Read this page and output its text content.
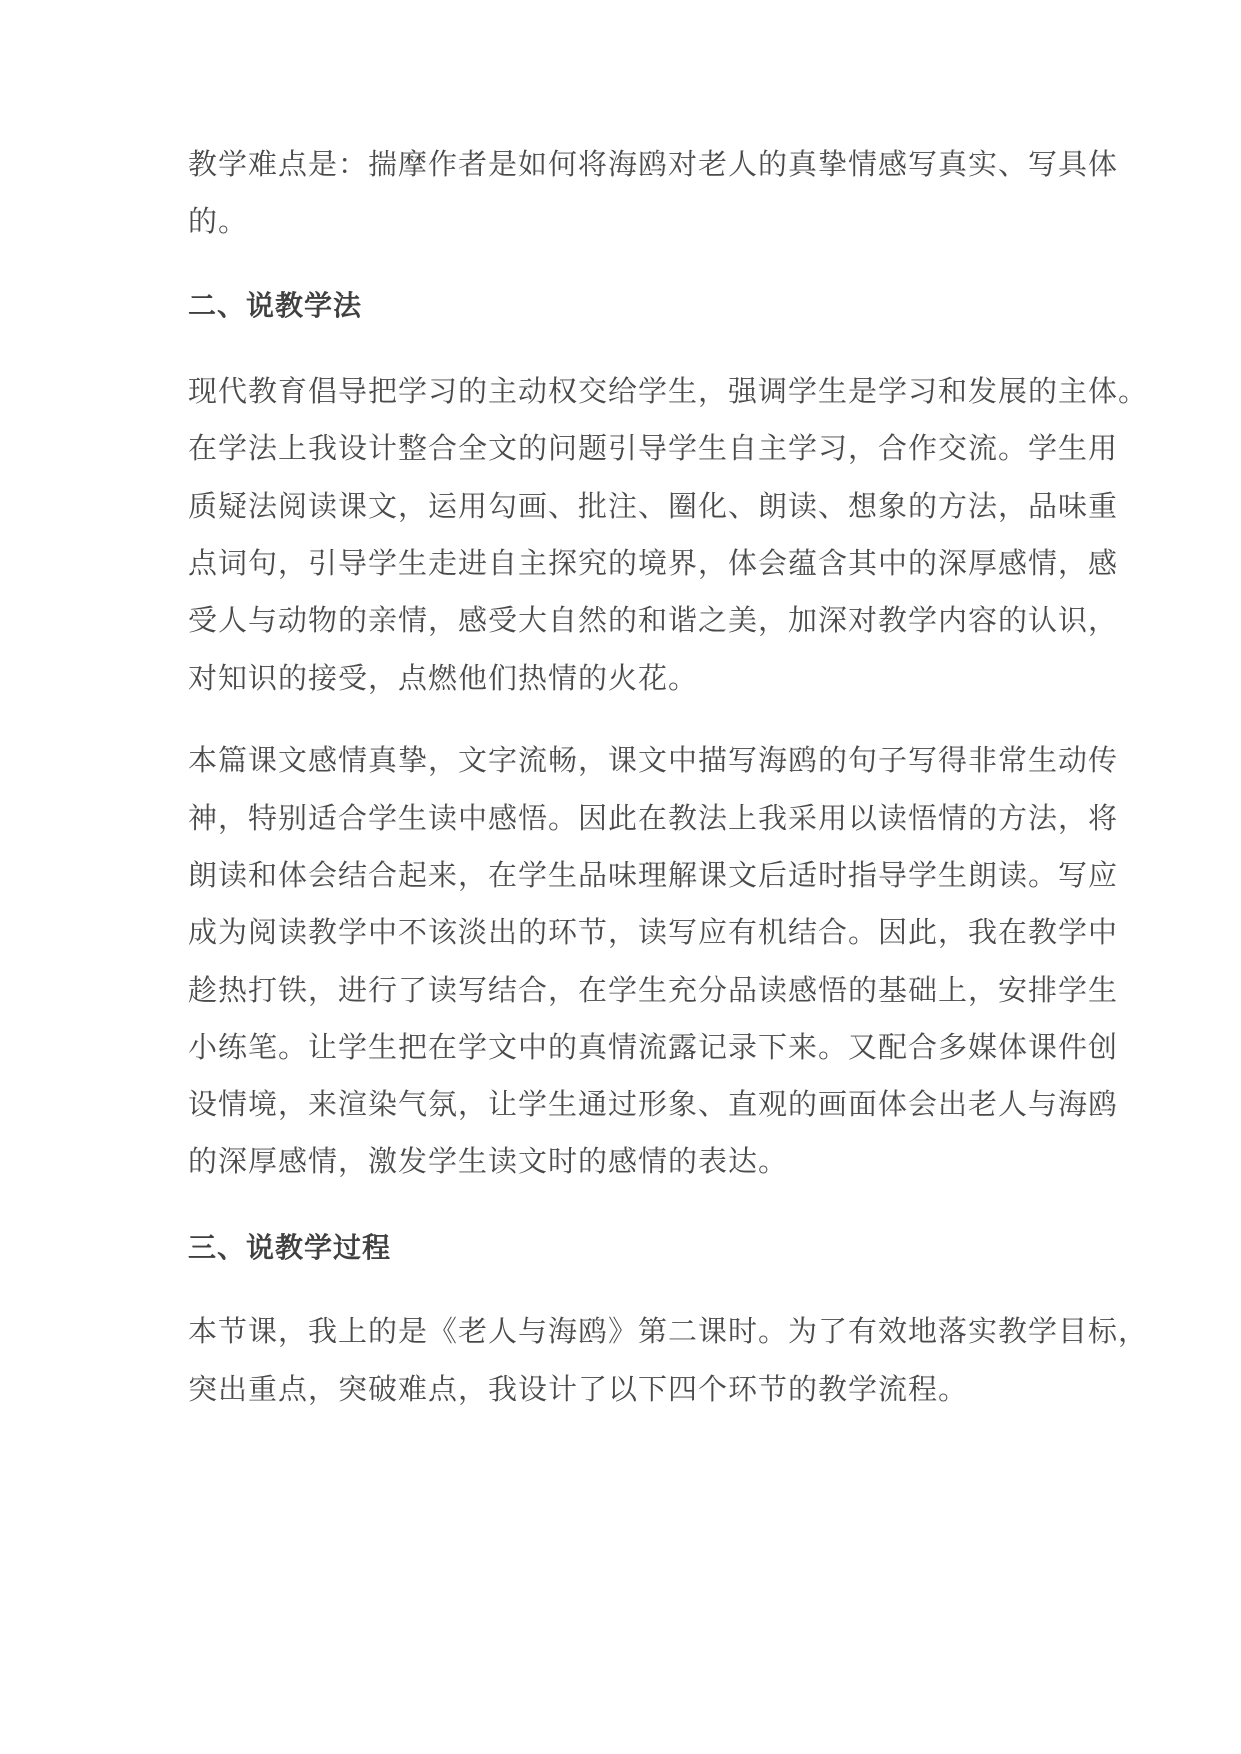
教学难点是：揣摩作者是如何将海鸥对老人的真挚情感写真实、写具体
的。
二、说教学法
现代教育倡导把学习的主动权交给学生，强调学生是学习和发展的主体。
在学法上我设计整合全文的问题引导学生自主学习，合作交流。学生用
质疑法阅读课文，运用勾画、批注、圈化、朗读、想象的方法，品味重
点词句，引导学生走进自主探究的境界，体会蕴含其中的深厚感情，感
受人与动物的亲情，感受大自然的和谐之美，加深对教学内容的认识，
对知识的接受，点燃他们热情的火花。
本篇课文感情真挚，文字流畅，课文中描写海鸥的句子写得非常生动传
神，特别适合学生读中感悟。因此在教法上我采用以读悟情的方法，将
朗读和体会结合起来，在学生品味理解课文后适时指导学生朗读。写应
成为阅读教学中不该淡出的环节，读写应有机结合。因此，我在教学中
趁热打铁，进行了读写结合，在学生充分品读感悟的基础上，安排学生
小练笔。让学生把在学文中的真情流露记录下来。又配合多媒体课件创
设情境，来渲染气氛，让学生通过形象、直观的画面体会出老人与海鸥
的深厚感情，激发学生读文时的感情的表达。
三、说教学过程
本节课，我上的是《老人与海鸥》第二课时。为了有效地落实教学目标，
突出重点，突破难点，我设计了以下四个环节的教学流程。
